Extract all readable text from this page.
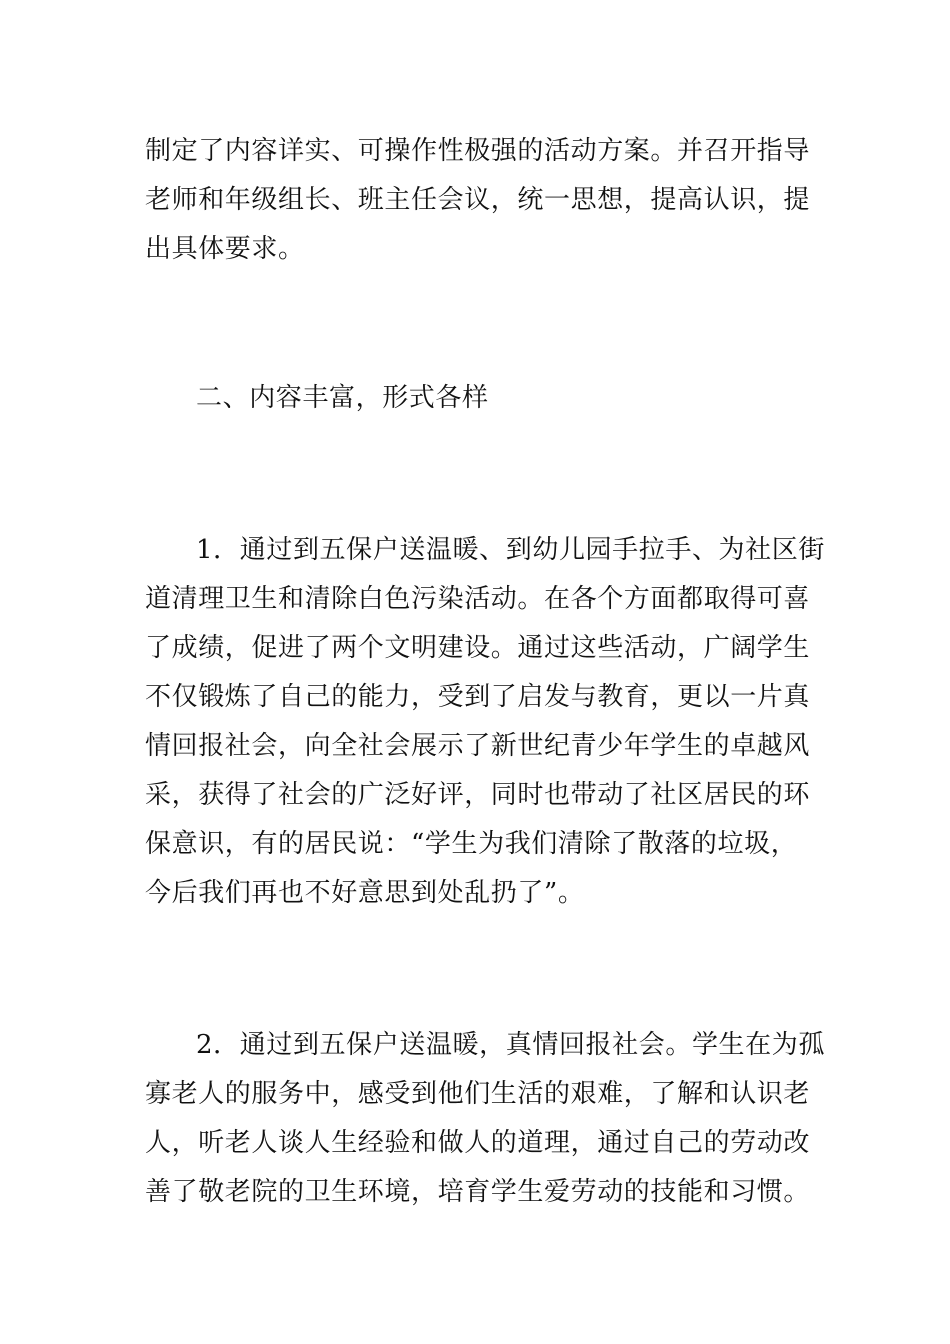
制定了内容详实、可操作性极强的活动方案。并召开指导
老师和年级组长、班主任会议，统一思想，提高认识，提
出具体要求。
二、内容丰富，形式各样
1．通过到五保户送温暖、到幼儿园手拉手、为社区街
道清理卫生和清除白色污染活动。在各个方面都取得可喜
了成绩，促进了两个文明建设。通过这些活动，广阔学生
不仅锻炼了自己的能力，受到了启发与教育，更以一片真
情回报社会，向全社会展示了新世纪青少年学生的卓越风
采，获得了社会的广泛好评，同时也带动了社区居民的环
保意识，有的居民说：“学生为我们清除了散落的垃圾，
今后我们再也不好意思到处乱扔了”。
2．通过到五保户送温暖，真情回报社会。学生在为孤
寡老人的服务中，感受到他们生活的艰难，了解和认识老
人，听老人谈人生经验和做人的道理，通过自己的劳动改
善了敬老院的卫生环境，培育学生爱劳动的技能和习惯。
